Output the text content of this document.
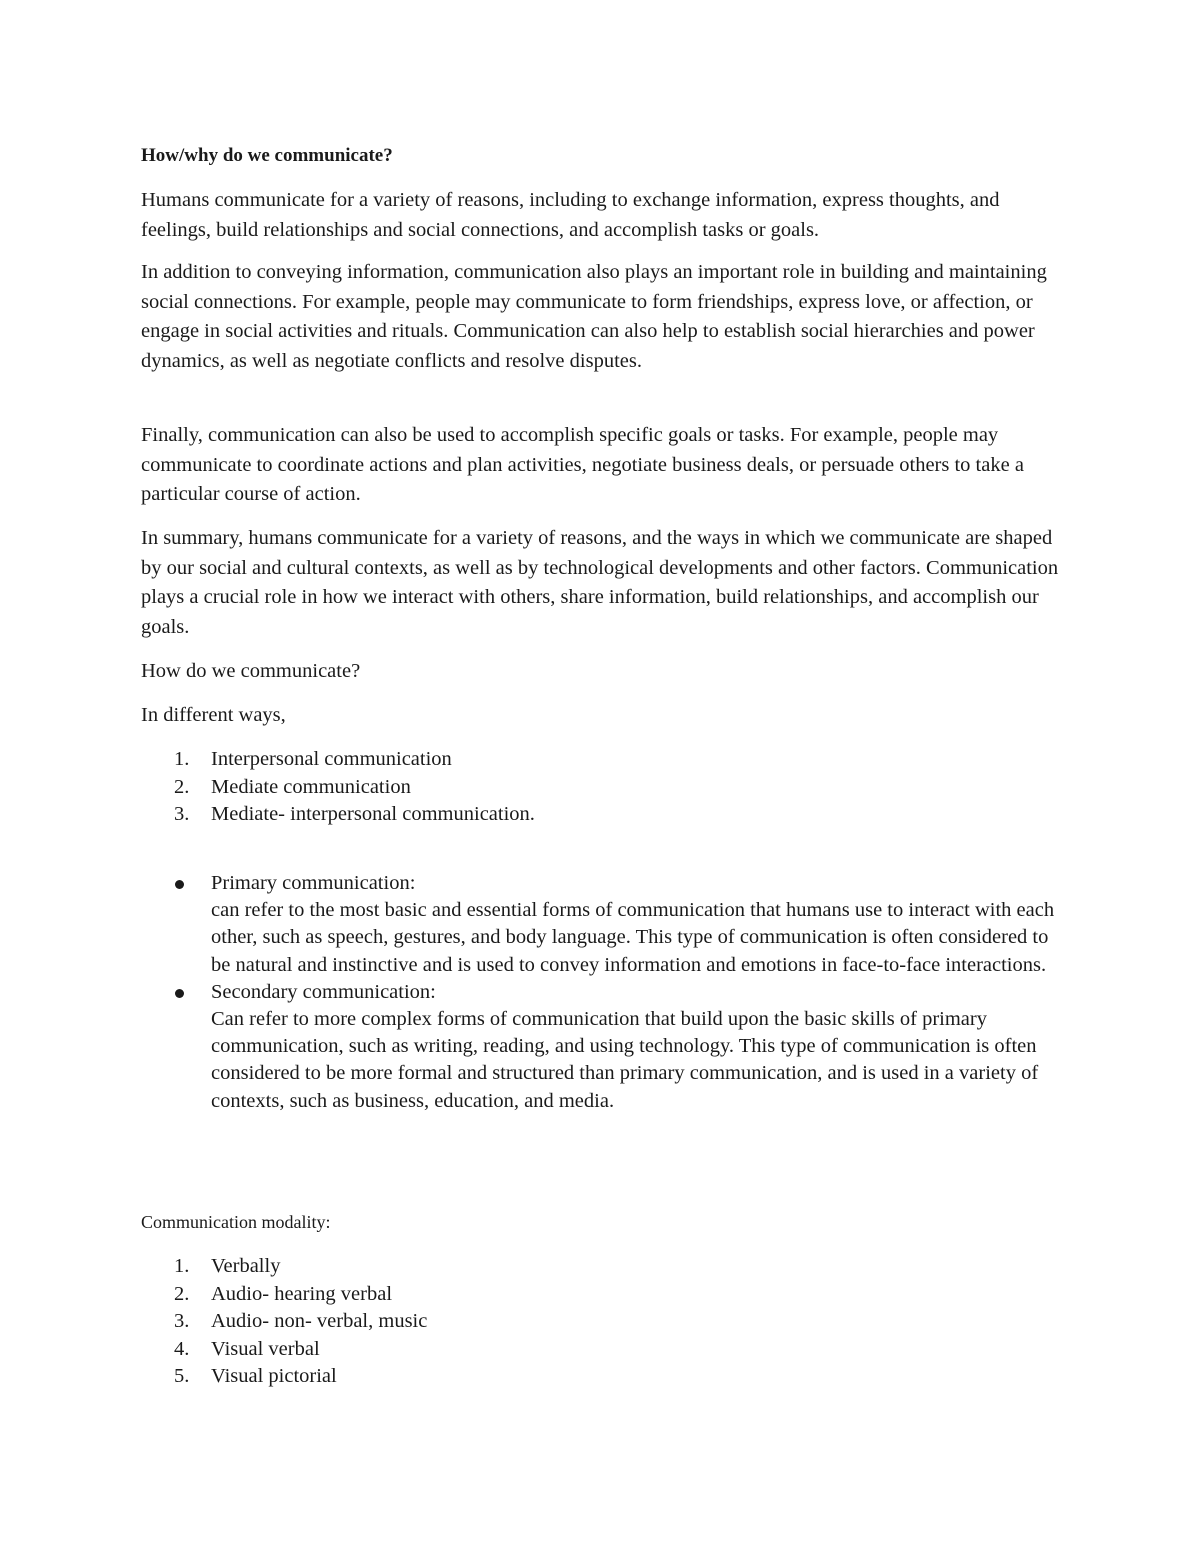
How/why do we communicate?

Humans communicate for a variety of reasons, including to exchange information, express thoughts, and feelings, build relationships and social connections, and accomplish tasks or goals.

In addition to conveying information, communication also plays an important role in building and maintaining social connections. For example, people may communicate to form friendships, express love, or affection, or engage in social activities and rituals. Communication can also help to establish social hierarchies and power dynamics, as well as negotiate conflicts and resolve disputes.

Finally, communication can also be used to accomplish specific goals or tasks. For example, people may communicate to coordinate actions and plan activities, negotiate business deals, or persuade others to take a particular course of action.

In summary, humans communicate for a variety of reasons, and the ways in which we communicate are shaped by our social and cultural contexts, as well as by technological developments and other factors. Communication plays a crucial role in how we interact with others, share information, build relationships, and accomplish our goals.

How do we communicate?
In different ways,
1. Interpersonal communication
2. Mediate communication
3. Mediate- interpersonal communication.
Primary communication:
can refer to the most basic and essential forms of communication that humans use to interact with each other, such as speech, gestures, and body language. This type of communication is often considered to be natural and instinctive and is used to convey information and emotions in face-to-face interactions.
Secondary communication:
Can refer to more complex forms of communication that build upon the basic skills of primary communication, such as writing, reading, and using technology. This type of communication is often considered to be more formal and structured than primary communication, and is used in a variety of contexts, such as business, education, and media.
Communication modality:
1. Verbally
2. Audio- hearing verbal
3. Audio- non- verbal, music
4. Visual verbal
5. Visual pictorial
